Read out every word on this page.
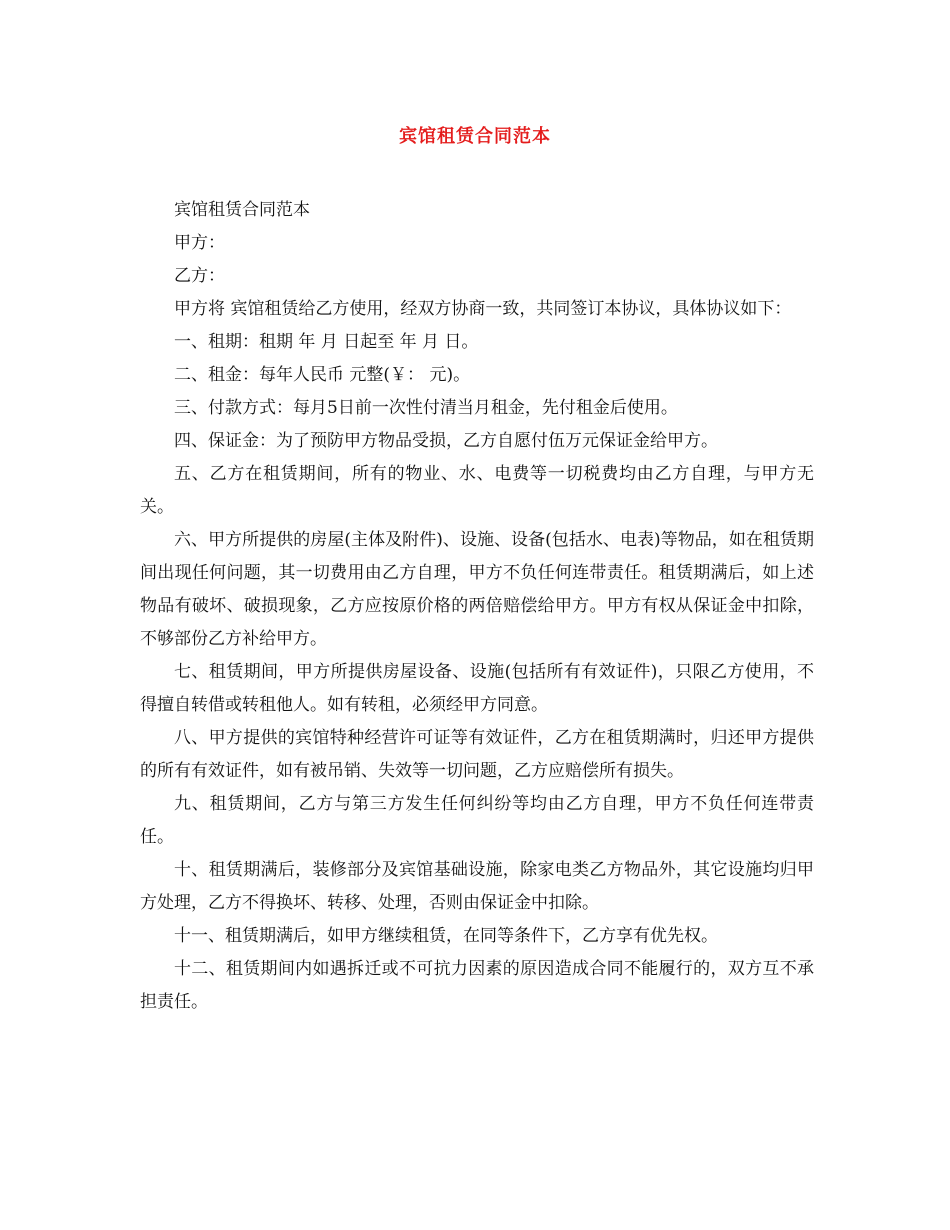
宾馆租赁合同范本

宾馆租赁合同范本

甲方：

乙方：

甲方将 宾馆租赁给乙方使用，经双方协商一致，共同签订本协议，具体协议如下：

一、租期：租期 年 月 日起至 年 月 日。

二、租金：每年人民币 元整(￥： 元)。

三、付款方式：每月5日前一次性付清当月租金，先付租金后使用。

四、保证金：为了预防甲方物品受损，乙方自愿付伍万元保证金给甲方。

五、乙方在租赁期间，所有的物业、水、电费等一切税费均由乙方自理，与甲方无关。

六、甲方所提供的房屋(主体及附件)、设施、设备(包括水、电表)等物品，如在租赁期间出现任何问题，其一切费用由乙方自理，甲方不负任何连带责任。租赁期满后，如上述物品有破坏、破损现象，乙方应按原价格的两倍赔偿给甲方。甲方有权从保证金中扣除，不够部份乙方补给甲方。

七、租赁期间，甲方所提供房屋设备、设施(包括所有有效证件)，只限乙方使用，不得擅自转借或转租他人。如有转租，必须经甲方同意。

八、甲方提供的宾馆特种经营许可证等有效证件，乙方在租赁期满时，归还甲方提供的所有有效证件，如有被吊销、失效等一切问题，乙方应赔偿所有损失。

九、租赁期间，乙方与第三方发生任何纠纷等均由乙方自理，甲方不负任何连带责任。

十、租赁期满后，装修部分及宾馆基础设施，除家电类乙方物品外，其它设施均归甲方处理，乙方不得换坏、转移、处理，否则由保证金中扣除。

十一、租赁期满后，如甲方继续租赁，在同等条件下，乙方享有优先权。

十二、租赁期间内如遇拆迁或不可抗力因素的原因造成合同不能履行的，双方互不承担责任。
